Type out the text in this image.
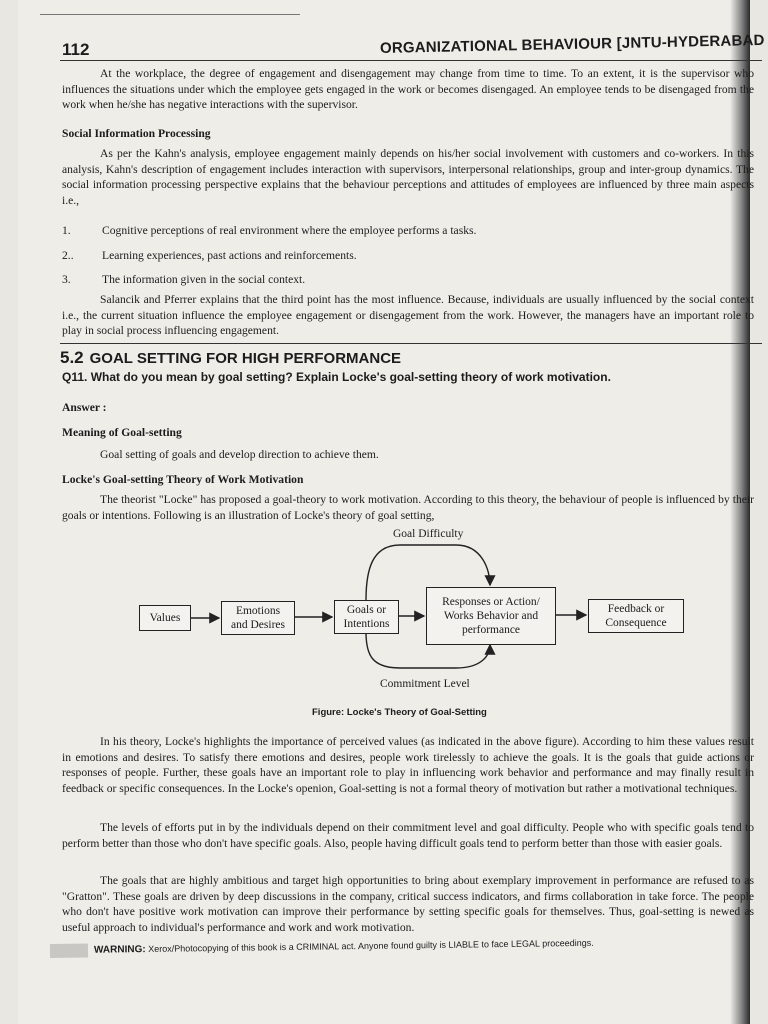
112	ORGANIZATIONAL BEHAVIOUR [JNTU-HYDERABAD
At the workplace, the degree of engagement and disengagement may change from time to time. To an extent, it is the supervisor who influences the situations under which the employee gets engaged in the work or becomes disengaged. An employee tends to be disengaged from the work when he/she has negative interactions with the supervisor.
Social Information Processing
As per the Kahn's analysis, employee engagement mainly depends on his/her social involvement with customers and co-workers. In this analysis, Kahn's description of engagement includes interaction with supervisors, interpersonal relationships, group and inter-group dynamics. The social information processing perspective explains that the behaviour perceptions and attitudes of employees are influenced by three main aspects i.e.,
1.	Cognitive perceptions of real environment where the employee performs a tasks.
2.. Learning experiences, past actions and reinforcements.
3.	The information given in the social context.
Salancik and Pferrer explains that the third point has the most influence. Because, individuals are usually influenced by the social context i.e., the current situation influence the employee engagement or disengagement from the work. However, the managers have an important role to play in social process influencing engagement.
5.2 GOAL SETTING FOR HIGH PERFORMANCE
Q11. What do you mean by goal setting? Explain Locke's goal-setting theory of work motivation.
Answer :
Meaning of Goal-setting
Goal setting of goals and develop direction to achieve them.
Locke's Goal-setting Theory of Work Motivation
The theorist "Locke" has proposed a goal-theory to work motivation. According to this theory, the behaviour of people is influenced by their goals or intentions. Following is an illustration of Locke's theory of goal setting,
Goal Difficulty
Commitment Level
Values
Emotions
and Desires
Goals or
Intentions
Responses or Action/
Works Behavior and
performance
Feedback or
Consequence
Figure: Locke's Theory of Goal-Setting
In his theory, Locke's highlights the importance of perceived values (as indicated in the above figure). According to him these values result in emotions and desires. To satisfy there emotions and desires, people work tirelessly to achieve the goals. It is the goals that guide actions or responses of people. Further, these goals have an important role to play in influencing work behavior and performance and may finally result in feedback or specific consequences. In the Locke's openion, Goal-setting is not a formal theory of motivation but rather a motivational techniques.
The levels of efforts put in by the individuals depend on their commitment level and goal difficulty. People who with specific goals tend to perform better than those who don't have specific goals. Also, people having difficult goals tend to perform better than those with easier goals.
The goals that are highly ambitious and target high opportunities to bring about exemplary improvement in performance are refused to as "Gratton". These goals are driven by deep discussions in the company, critical success indicators, and firms collaboration in take force. The people who don't have positive work motivation can improve their performance by setting specific goals for themselves. Thus, goal-setting is newed as useful approach to individual's performance and work and work motivation.
WARNING: Xerox/Photocopying of this book is a CRIMINAL act. Anyone found guilty is LIABLE to face LEGAL proceedings.
